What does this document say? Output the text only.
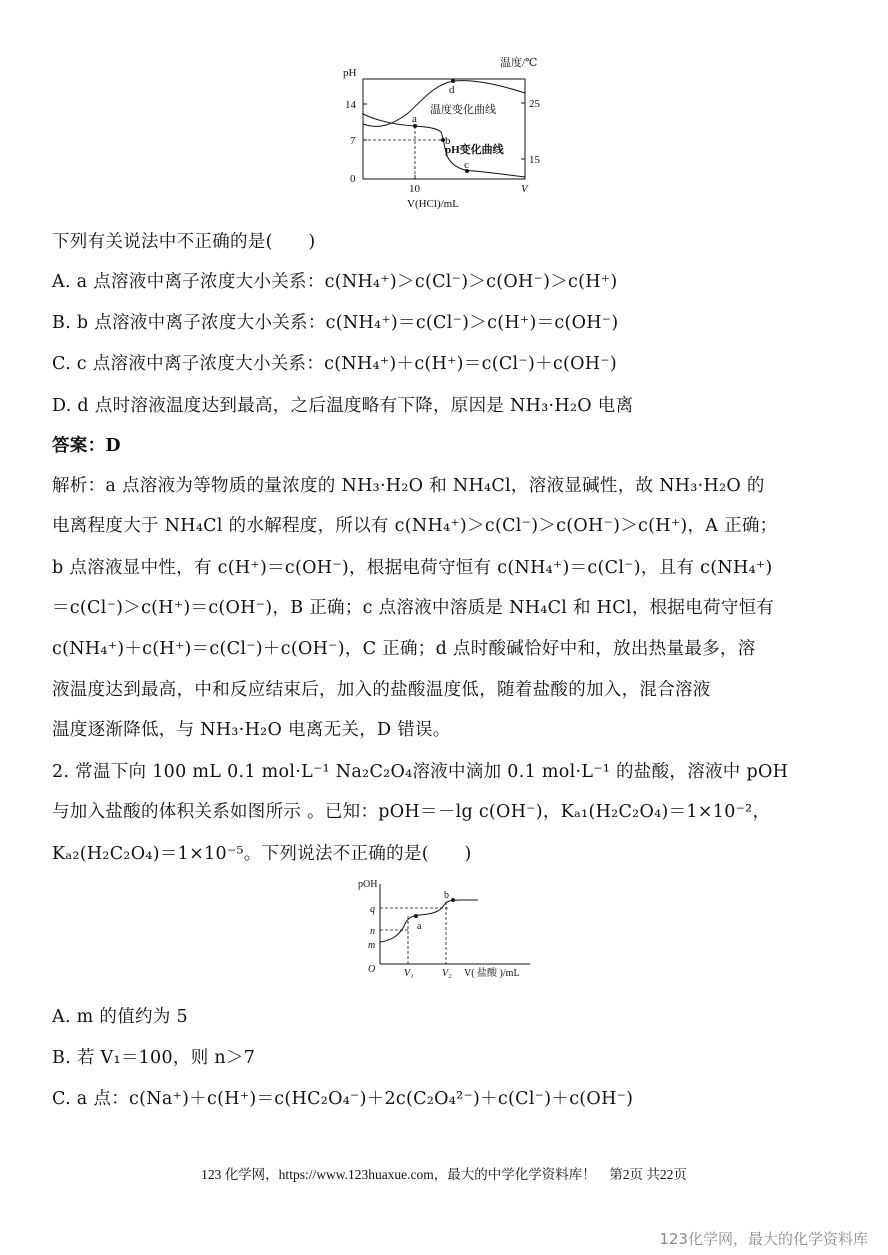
pH
温度/℃
14
7
0
10	V
V(HCl)/mL
25
15
温度变化曲线
pH变化曲线
a
b
c
d
下列有关说法中不正确的是(　　)
A. a 点溶液中离子浓度大小关系：c(NH₄⁺)＞c(Cl⁻)＞c(OH⁻)＞c(H⁺)
B. b 点溶液中离子浓度大小关系：c(NH₄⁺)＝c(Cl⁻)＞c(H⁺)＝c(OH⁻)
C. c 点溶液中离子浓度大小关系：c(NH₄⁺)＋c(H⁺)＝c(Cl⁻)＋c(OH⁻)
D. d 点时溶液温度达到最高，之后温度略有下降，原因是 NH₃·H₂O 电离
答案：D
解析：a 点溶液为等物质的量浓度的 NH₃·H₂O 和 NH₄Cl，溶液显碱性，故 NH₃·H₂O 的
电离程度大于 NH₄Cl 的水解程度，所以有 c(NH₄⁺)＞c(Cl⁻)＞c(OH⁻)＞c(H⁺)，A 正确；
b 点溶液显中性，有 c(H⁺)＝c(OH⁻)，根据电荷守恒有 c(NH₄⁺)＝c(Cl⁻)，且有 c(NH₄⁺)
＝c(Cl⁻)＞c(H⁺)＝c(OH⁻)，B 正确；c 点溶液中溶质是 NH₄Cl 和 HCl，根据电荷守恒有
c(NH₄⁺)＋c(H⁺)＝c(Cl⁻)＋c(OH⁻)，C 正确；d 点时酸碱恰好中和，放出热量最多，溶
液温度达到最高，中和反应结束后，加入的盐酸温度低，随着盐酸的加入，混合溶液
温度逐渐降低，与 NH₃·H₂O 电离无关，D 错误。
2. 常温下向 100 mL 0.1 mol·L⁻¹ Na₂C₂O₄溶液中滴加 0.1 mol·L⁻¹ 的盐酸，溶液中 pOH
与加入盐酸的体积关系如图所示 。已知：pOH＝－lg c(OH⁻)，Kₐ₁(H₂C₂O₄)＝1×10⁻²，
Kₐ₂(H₂C₂O₄)＝1×10⁻⁵。下列说法不正确的是(　　)
pOH
q
n
m
O	V₁	V₂ V( 盐酸 )/mL
a
b
A. m 的值约为 5
B. 若 V₁＝100，则 n＞7
C. a 点：c(Na⁺)＋c(H⁺)＝c(HC₂O₄⁻)＋2c(C₂O₄²⁻)＋c(Cl⁻)＋c(OH⁻)
123 化学网，https://www.123huaxue.com，最大的中学化学资料库！　第2页 共22页
123化学网，最大的化学资料库
